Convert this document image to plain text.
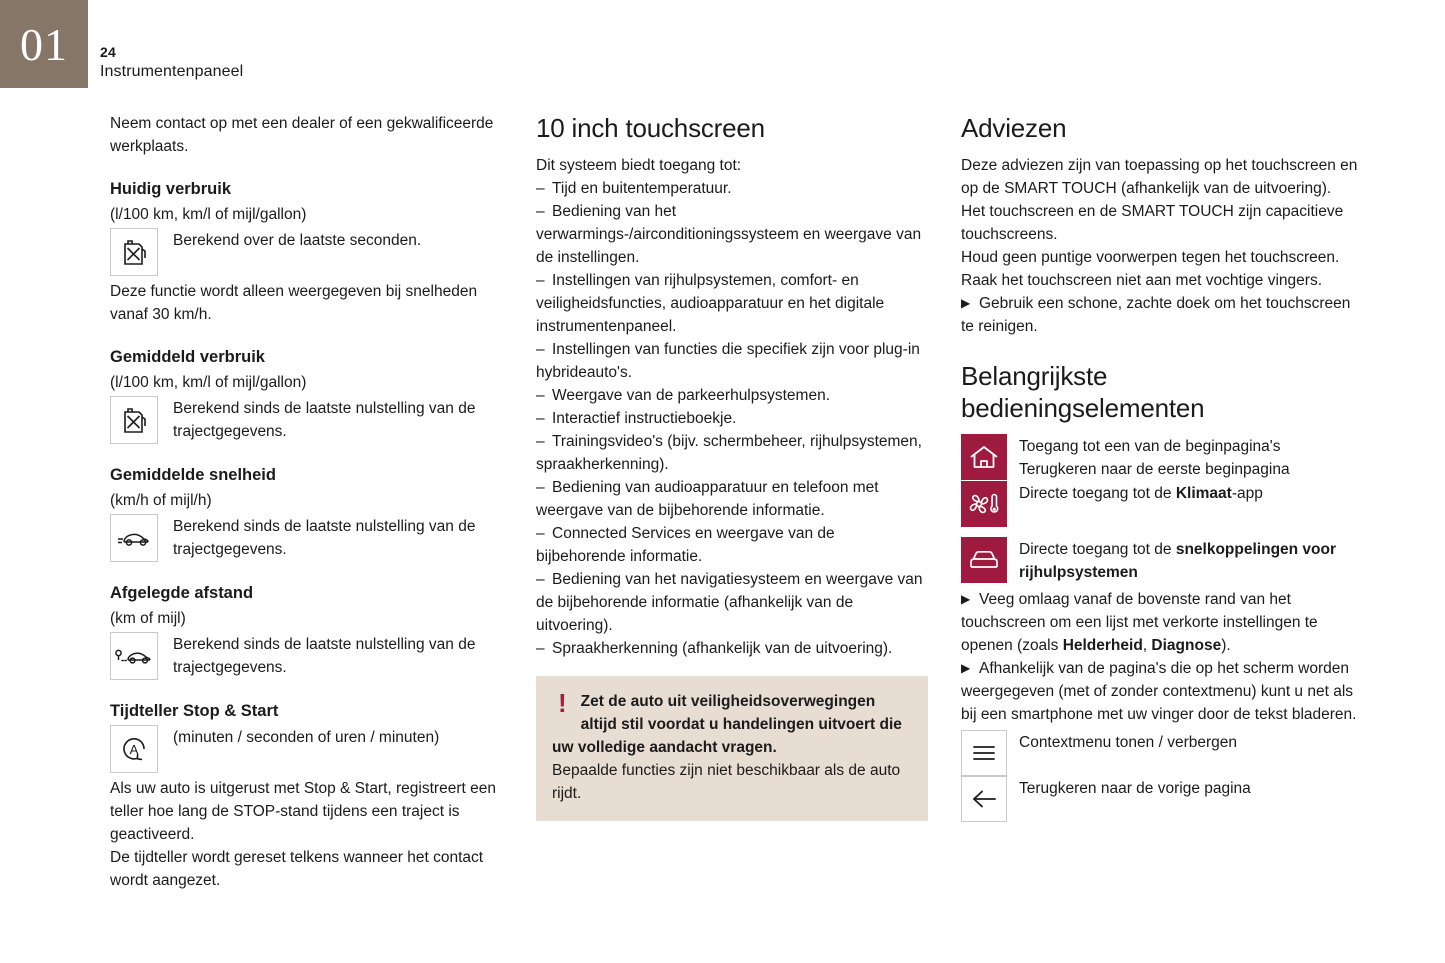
01	24

Instrumentenpaneel

Neem contact op met een dealer of een gekwalificeerde werkplaats.

Huidig verbruik

(l/100 km, km/l of mijl/gallon)

Berekend over de laatste seconden.

Deze functie wordt alleen weergegeven bij snelheden vanaf 30 km/h.

Gemiddeld verbruik

(l/100 km, km/l of mijl/gallon)

Berekend sinds de laatste nulstelling van de trajectgegevens.
Gemiddelde snelheid

(km/h of mijl/h)

Berekend sinds de laatste nulstelling van de trajectgegevens.
Afgelegde afstand

(km of mijl)

Berekend sinds de laatste nulstelling van de trajectgegevens.
Tijdteller Stop & Start
A
(minuten / seconden of uren / minuten)

Als uw auto is uitgerust met Stop & Start, registreert een teller hoe lang de STOP-stand tijdens een traject is geactiveerd.

De tijdteller wordt gereset telkens wanneer het contact wordt aangezet.

10 inch touchscreen

Dit systeem biedt toegang tot:

– Tijd en buitentemperatuur.

– Bediening van het verwarmings-/airconditioningssysteem en weergave van de instellingen.

– Instellingen van rijhulpsystemen, comfort- en veiligheidsfuncties, audioapparatuur en het digitale instrumentenpaneel.

– Instellingen van functies die specifiek zijn voor plug-in hybrideauto's.

– Weergave van de parkeerhulpsystemen.

– Interactief instructieboekje.

– Trainingsvideo's (bijv. schermbeheer, rijhulpsystemen, spraakherkenning).

– Bediening van audioapparatuur en telefoon met weergave van de bijbehorende informatie.

– Connected Services en weergave van de bijbehorende informatie.

– Bediening van het navigatiesysteem en weergave van de bijbehorende informatie (afhankelijk van de uitvoering).

– Spraakherkenning (afhankelijk van de uitvoering).

! Zet de auto uit veiligheidsoverwegingen altijd stil voordat u handelingen uitvoert die uw volledige aandacht vragen.

Bepaalde functies zijn niet beschikbaar als de auto rijdt.

Adviezen

Deze adviezen zijn van toepassing op het touchscreen en op de SMART TOUCH (afhankelijk van de uitvoering).

Het touchscreen en de SMART TOUCH zijn capacitieve touchscreens.

Houd geen puntige voorwerpen tegen het touchscreen.

Raak het touchscreen niet aan met vochtige vingers.

▶ Gebruik een schone, zachte doek om het touchscreen te reinigen.

Belangrijkste
bedieningselementen
Toegang tot een van de beginpagina's
Terugkeren naar de eerste beginpagina
Directe toegang tot de Klimaat-app
Directe toegang tot de snelkoppelingen voor rijhulpsystemen

▶ Veeg omlaag vanaf de bovenste rand van het touchscreen om een lijst met verkorte instellingen te openen (zoals Helderheid, Diagnose).

▶ Afhankelijk van de pagina's die op het scherm worden weergegeven (met of zonder contextmenu) kunt u net als bij een smartphone met uw vinger door de tekst bladeren.

Contextmenu tonen / verbergen
Terugkeren naar de vorige pagina
